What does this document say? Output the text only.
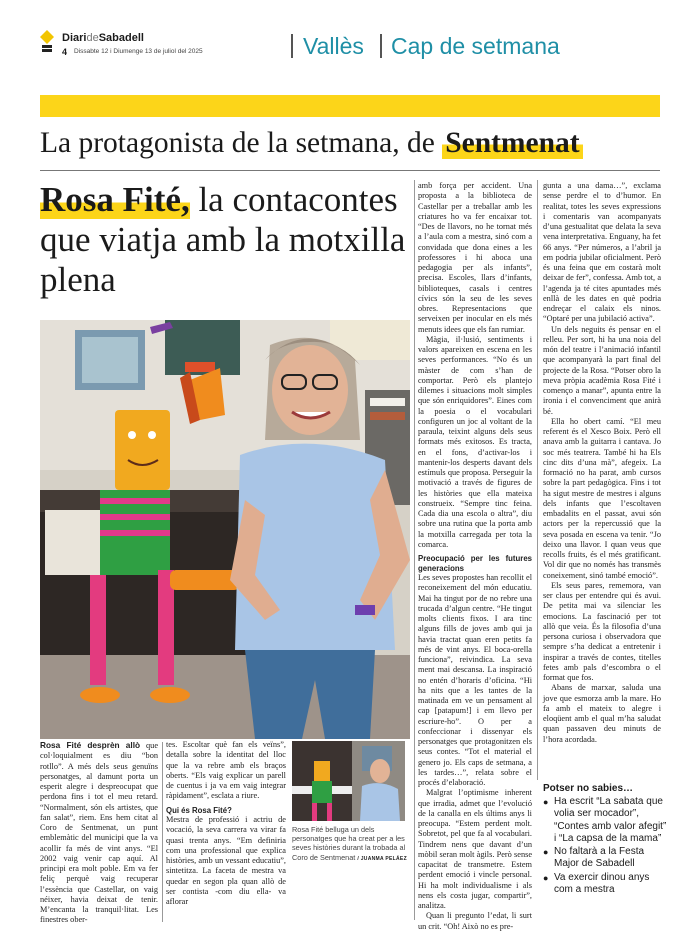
DiarideSabadell
4 Dissabte 12 i Diumenge 13 de juliol del 2025	Vallès Cap de setmana
La protagonista de la setmana, de Sentmenat
Rosa Fité, la contacontes que viatja amb la motxilla plena

Rosa Fité desprèn allò que col·loquialment es diu “bon rotllo”. A més dels seus genuïns personatges, al damunt porta un esperit alegre i despreocupat que perdona fins i tot el meu retard. “Normalment, són els artistes, que fan salat”, riem. Ens hem citat al Coro de Sentmenat, un punt emblemàtic del municipi que la va acollir fa més de vint anys. “El 2002 vaig venir cap aquí. Al principi era molt poble. Em va fer feliç perquè vaig recuperar l’essència que Castellar, on vaig néixer, havia deixat de tenir. M’encanta la tranquil·litat. Les finestres ober-

tes. Escoltar què fan els veïns”, detalla sobre la identitat del lloc que la va rebre amb els braços oberts. “Els vaig explicar un parell de cuentus i ja va em vaig integrar ràpidament”, esclata a riure.

Qui és Rosa Fité?

Mestra de professió i actriu de vocació, la seva carrera va virar fa quasi trenta anys. “Em definiria com una professional que explica històries, amb un vessant educatiu”, sintetitza. La faceta de mestra va quedar en segon pla quan allò de ser contista -com diu ella- va aflorar

Rosa Fité belluga un dels personatges que ha creat per a les seves històries durant la trobada al Coro de Sentmenat / JUANMA PELÁEZ

amb força per accident. Una proposta a la biblioteca de Castellar per a treballar amb les criatures ho va fer encaixar tot. “Des de llavors, no he tornat més a l’aula com a mestra, sinó com a convidada que dona eines a les professores i hi aboca una pedagogia per als infants”, precisa. Escoles, llars d’infants, biblioteques, casals i centres cívics són la seu de les seves obres. Representacions que serveixen per inocular en els més menuts idees que els fan rumiar.

Màgia, il·lusió, sentiments i valors apareixen en escena en les seves performances. “No és un màster de com s’han de comportar. Però els plantejo dilemes i situacions molt simples que són enriquidores”. Eines com la poesia o el vocabulari configuren un joc al voltant de la paraula, teixint alguns dels seus formats més exitosos. Es tracta, en el fons, d’activar-los i mantenir-los desperts davant dels estímuls que proposa. Perseguir la motivació a través de figures de les històries que ella mateixa construeix. “Sempre tinc feina. Cada dia una escola o altra”, diu sobre una rutina que la porta amb la motxilla carregada per tota la comarca.

Preocupació per les futures generacions

Les seves propostes han recollit el reconeixement del món educatiu. Mai ha tingut por de no rebre una trucada d’algun centre. “He tingut molts clients fixos. I ara tinc alguns fills de joves amb qui ja havia tractat quan eren petits fa més de vint anys. El boca-orella funciona”, reivindica. La seva ment mai descansa. La inspiració no entén d’horaris d’oficina. “Hi ha nits que a les tantes de la matinada em ve un pensament al cap [patapum!] i em llevo per escriure-ho”. O per a confeccionar i dissenyar els personatges que protagonitzen els seus contes. “Tot el material el genero jo. Els caps de setmana, a les tardes…”, relata sobre el procés d’elaboració.

Malgrat l’optimisme inherent que irradia, admet que l’evolució de la canalla en els últims anys li preocupa. “Estem perdent molt. Sobretot, pel que fa al vocabulari. Tindrem nens que davant d’un mòbil seran molt àgils. Però sense capacitat de transmetre. Estem perdent emoció i vincle personal. Hi ha molt individualisme i als nens els costa jugar, compartir”, analitza.

Quan li pregunto l’edat, li surt un crit. “Oh! Això no es pre-

gunta a una dama…”, exclama sense perdre el to d’humor. En realitat, totes les seves expressions i comentaris van acompanyats d’una gestualitat que delata la seva vena interpretativa. Enguany, ha fet 66 anys. “Per números, a l’abril ja em podria jubilar oficialment. Però és una feina que em costarà molt deixar de fer”, confessa. Amb tot, a l’agenda ja té cites apuntades més enllà de les dates en què podria endreçar el calaix els ninos. “Optaré per una jubilació activa”.

Un dels neguits és pensar en el relleu. Per sort, hi ha una noia del món del teatre i l’animació infantil que acompanyarà la part final del projecte de la Rosa. “Potser obro la meva pròpia acadèmia Rosa Fité i començo a manar”, apunta entre la ironia i el convenciment que anirà bé.

Ella ho obert camí. “El meu referent és el Xesco Boix. Però ell anava amb la guitarra i cantava. Jo soc més teatrera. També hi ha Els cinc dits d’una mà”, afegeix. La formació no ha parat, amb cursos sobre la part pedagògica. Fins i tot ha sigut mestre de mestres i alguns dels infants que l’escoltaven embadalits en el passat, avui són actors per la repercussió que la seva posada en escena va tenir. “Jo deixo una llavor. I quan veus que recolls fruits, és el més gratificant. Vol dir que no només has transmès coneixement, sinó també emoció”.

Els seus pares, rememora, van ser claus per entendre qui és avui. De petita mai va silenciar les emocions. La fascinació per tot allò que veia. És la filosofia d’una persona curiosa i observadora que sempre s’ha dedicat a entretenir i inspirar a través de contes, titelles fetes amb pals d’escombra o el format que fos.

Abans de marxar, saluda una jove que esmorza amb la mare. Ho fa amb el mateix to alegre i eloqüent amb el qual m’ha saludat quan passaven deu minuts de l’hora acordada.

Potser no sabies…
● Ha escrit “La sabata que volia ser mocador”, “Contes amb valor afegit” i “La capsa de la mama”
● No faltarà a la Festa Major de Sabadell
● Va exercir dinou anys com a mestra
